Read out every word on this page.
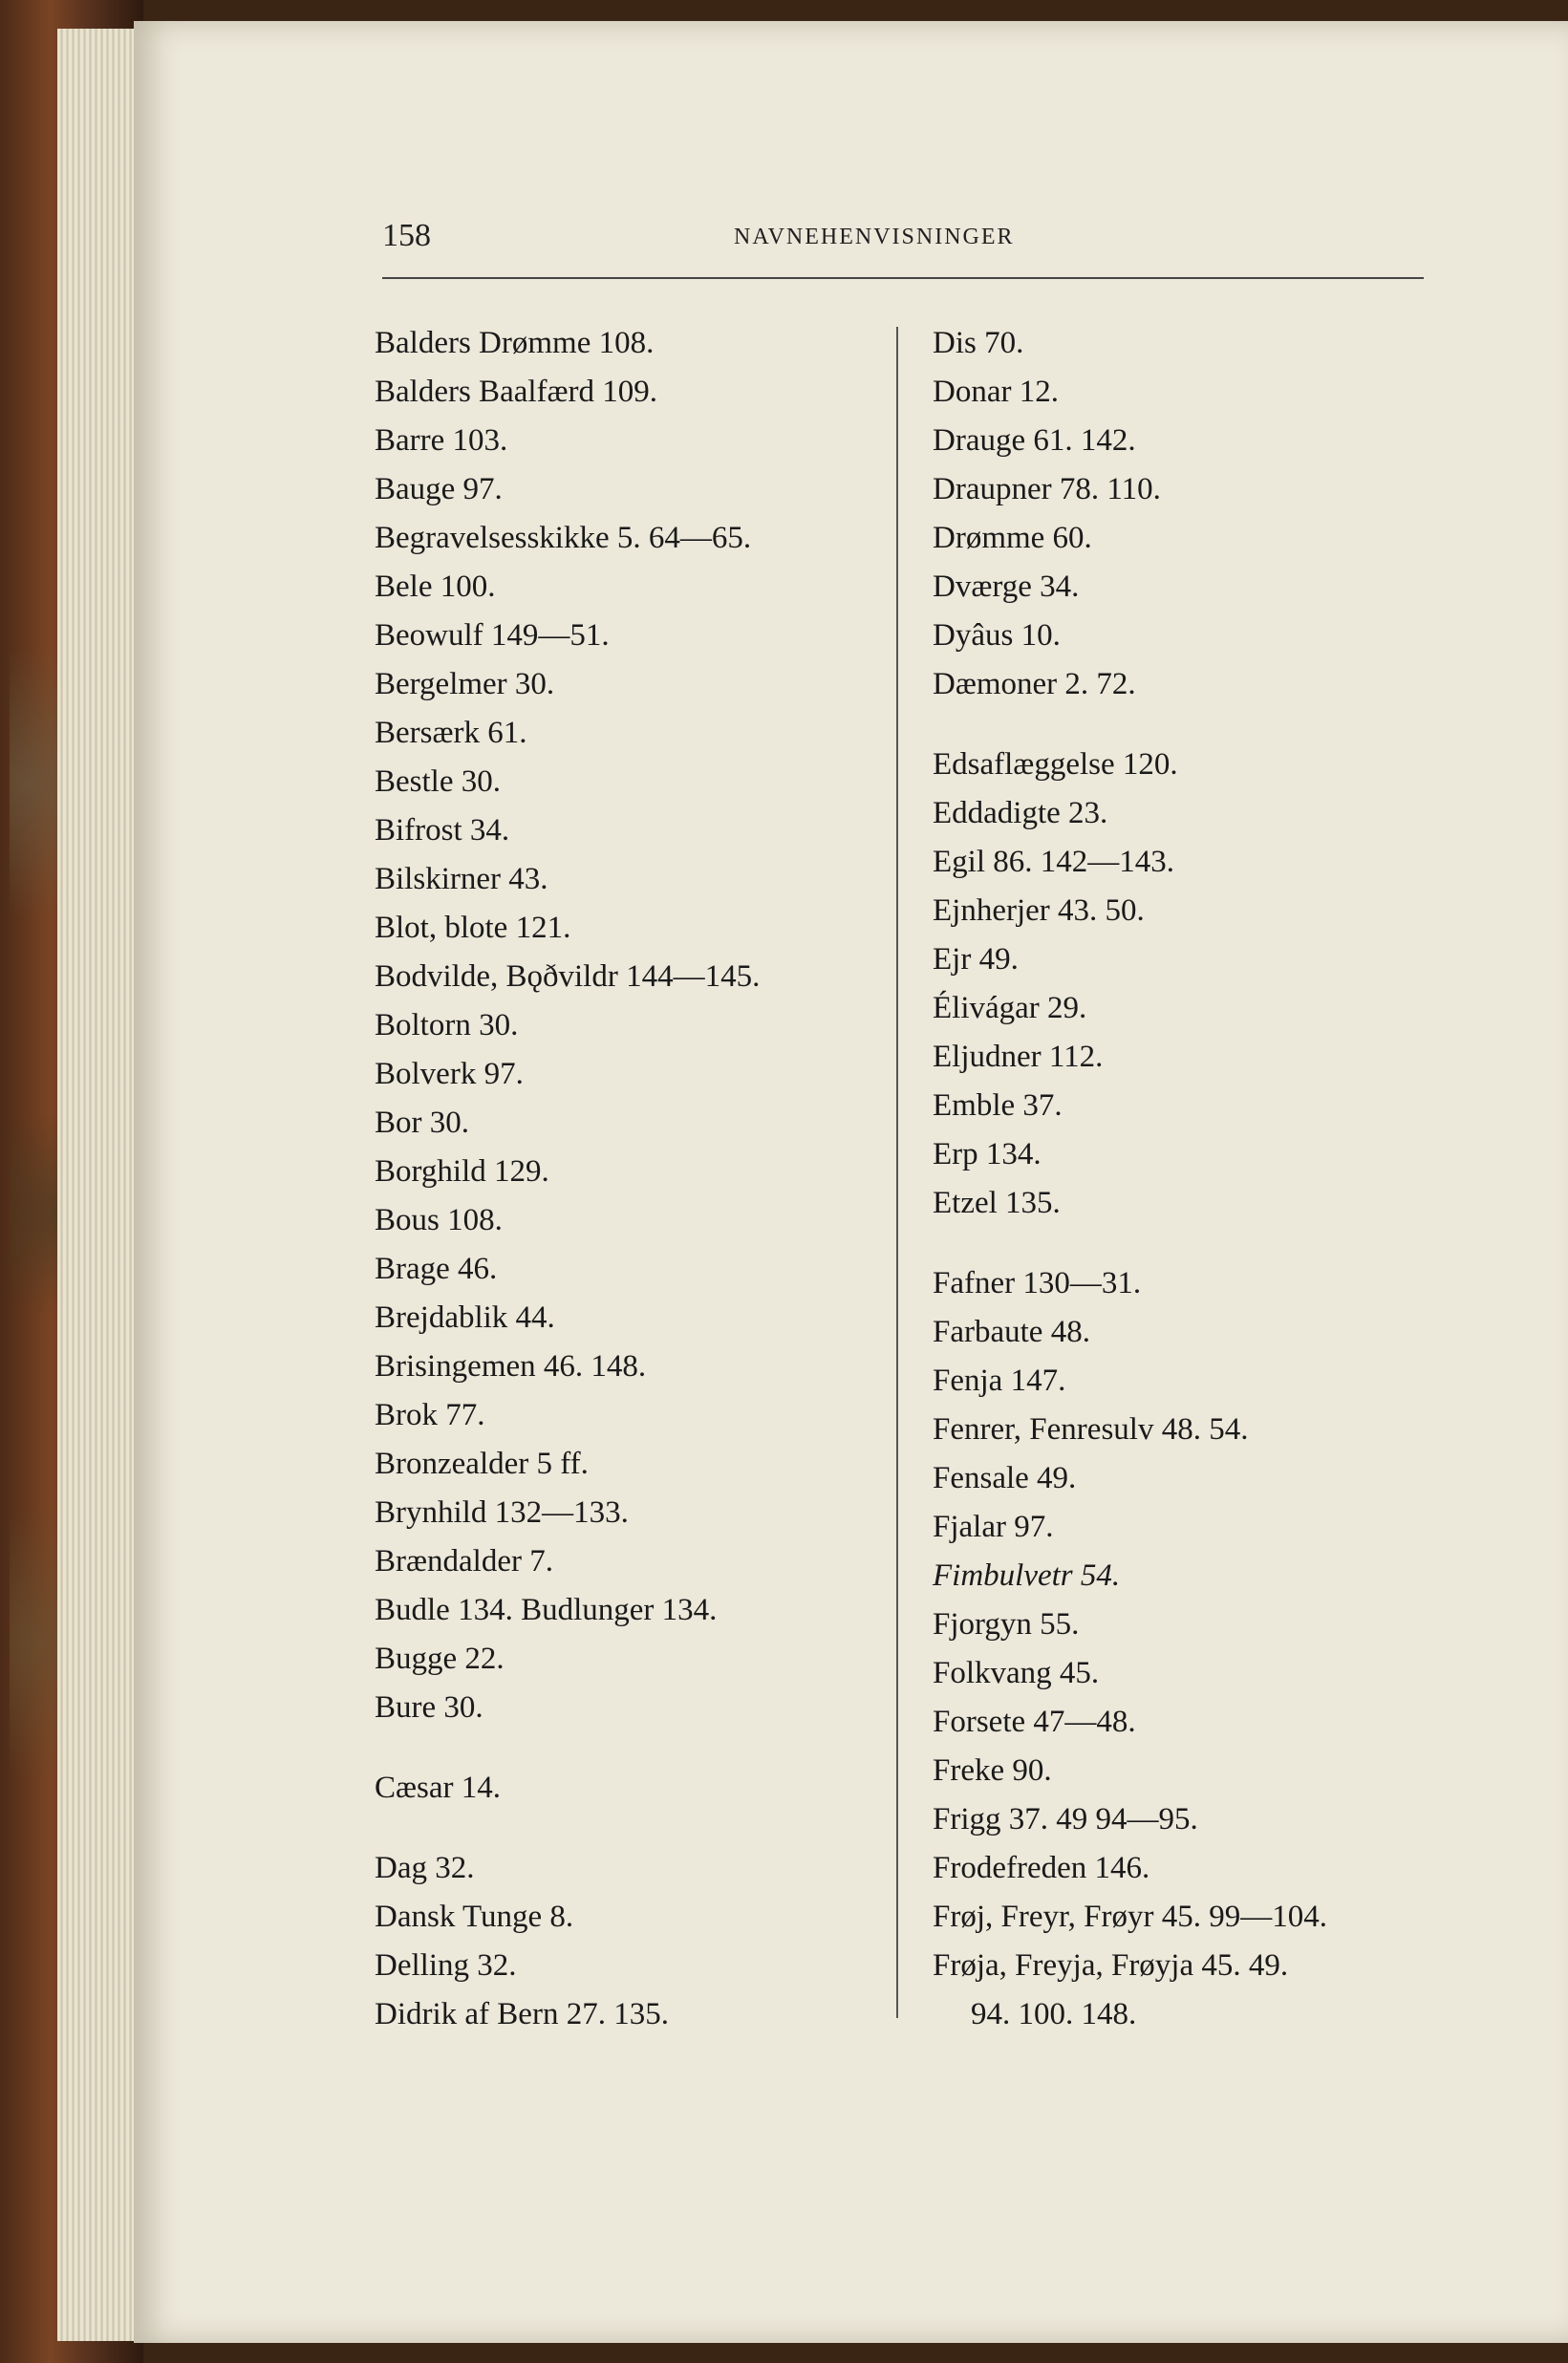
158	NAVNEHENVISNINGER
Balders Drømme 108.
Balders Baalfærd 109.
Barre 103.
Bauge 97.
Begravelsesskikke 5. 64—65.
Bele 100.
Beowulf 149—51.
Bergelmer 30.
Bersærk 61.
Bestle 30.
Bifrost 34.
Bilskirner 43.
Blot, blote 121.
Bodvilde, Bǫðvildr 144—145.
Boltorn 30.
Bolverk 97.
Bor 30.
Borghild 129.
Bous 108.
Brage 46.
Brejdablik 44.
Brisingemen 46. 148.
Brok 77.
Bronzealder 5 ff.
Brynhild 132—133.
Brændalder 7.
Budle 134. Budlunger 134.
Bugge 22.
Bure 30.
Cæsar 14.
Dag 32.
Dansk Tunge 8.
Delling 32.
Didrik af Bern 27. 135.
Dis 70.
Donar 12.
Drauge 61. 142.
Draupner 78. 110.
Drømme 60.
Dværge 34.
Dyâus 10.
Dæmoner 2. 72.
Edsaflæggelse 120.
Eddadigte 23.
Egil 86. 142—143.
Ejnherjer 43. 50.
Ejr 49.
Élivágar 29.
Eljudner 112.
Emble 37.
Erp 134.
Etzel 135.
Fafner 130—31.
Farbaute 48.
Fenja 147.
Fenrer, Fenresulv 48. 54.
Fensale 49.
Fjalar 97.
Fimbulvetr 54.
Fjorgyn 55.
Folkvang 45.
Forsete 47—48.
Freke 90.
Frigg 37. 49 94—95.
Frodefreden 146.
Frøj, Freyr, Frøyr 45. 99—104.
Frøja, Freyja, Frøyja 45. 49.
94. 100. 148.
